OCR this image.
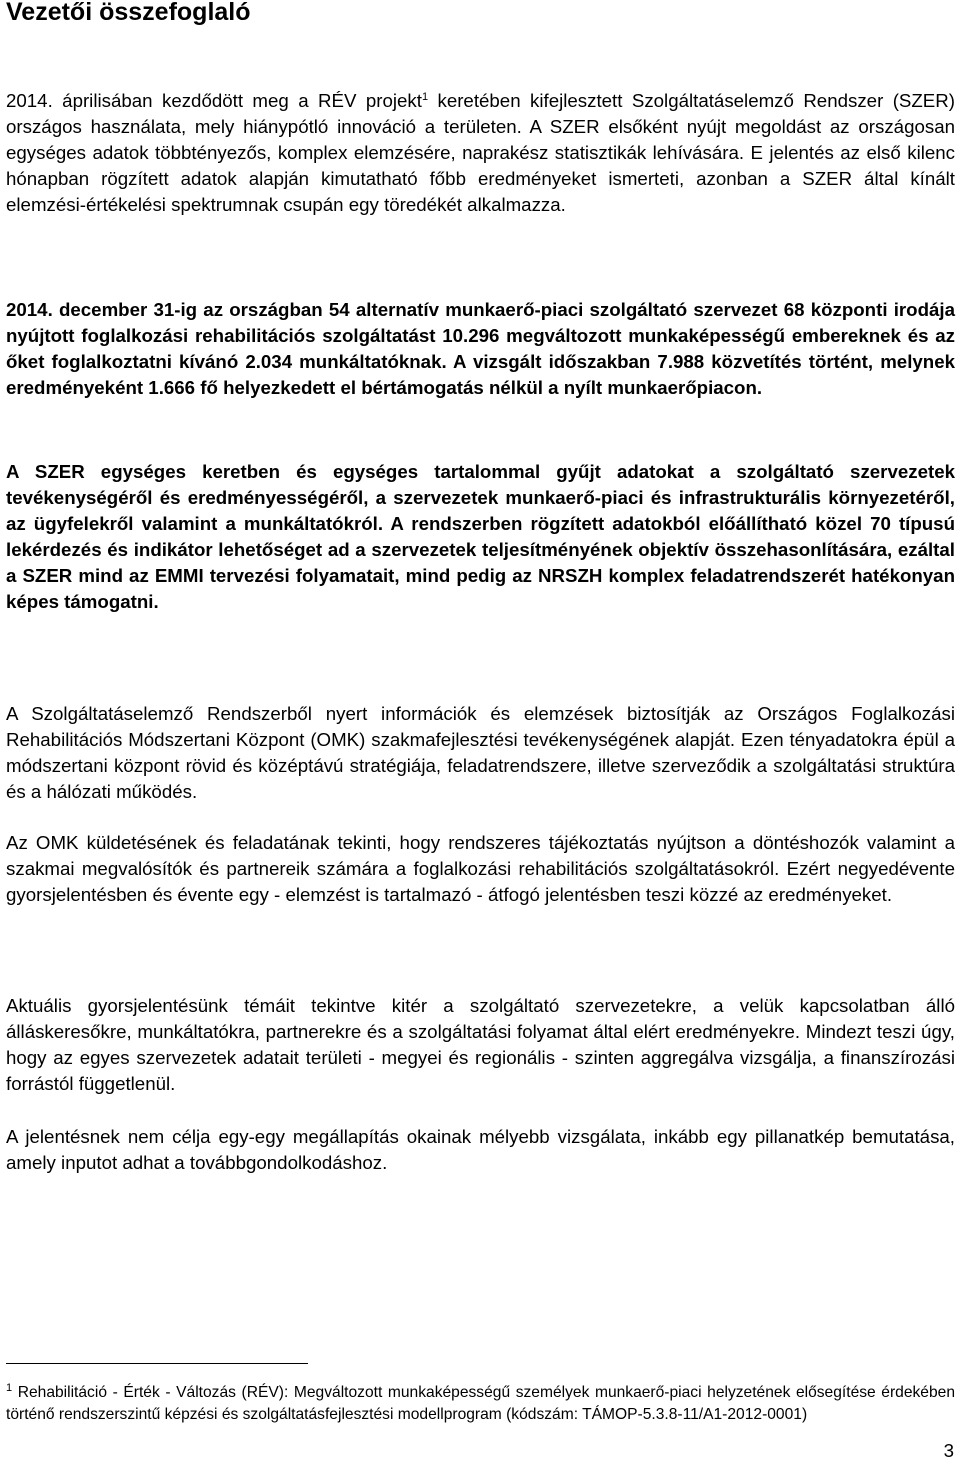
Vezetői összefoglaló

2014. áprilisában kezdődött meg a RÉV projekt$^1$ keretében kifejlesztett Szolgáltatáselemző Rendszer (SZER) országos használata, mely hiánypótló innováció a területen. A SZER elsőként nyújt megoldást az országosan egységes adatok többtényezős, komplex elemzésére, naprakész statisztikák lehívására. E jelentés az első kilenc hónapban rögzített adatok alapján kimutatható főbb eredményeket ismerteti, azonban a SZER által kínált elemzési-értékelési spektrumnak csupán egy töredékét alkalmazza.

2014. december 31-ig az országban 54 alternatív munkaerő-piaci szolgáltató szervezet 68 központi irodája nyújtott foglalkozási rehabilitációs szolgáltatást 10.296 megváltozott munkaképességű embereknek és az őket foglalkoztatni kívánó 2.034 munkáltatóknak. A vizsgált időszakban 7.988 közvetítés történt, melynek eredményeként 1.666 fő helyezkedett el bértámogatás nélkül a nyílt munkaerőpiacon.

A SZER egységes keretben és egységes tartalommal gyűjt adatokat a szolgáltató szervezetek tevékenységéről és eredményességéről, a szervezetek munkaerő-piaci és infrastrukturális környezetéről, az ügyfelekről valamint a munkáltatókról. A rendszerben rögzített adatokból előállítható közel 70 típusú lekérdezés és indikátor lehetőséget ad a szervezetek teljesítményének objektív összehasonlítására, ezáltal a SZER mind az EMMI tervezési folyamatait, mind pedig az NRSZH komplex feladatrendszerét hatékonyan képes támogatni.

A Szolgáltatáselemző Rendszerből nyert információk és elemzések biztosítják az Országos Foglalkozási Rehabilitációs Módszertani Központ (OMK) szakmafejlesztési tevékenységének alapját. Ezen tényadatokra épül a módszertani központ rövid és középtávú stratégiája, feladatrendszere, illetve szerveződik a szolgáltatási struktúra és a hálózati működés.

Az OMK küldetésének és feladatának tekinti, hogy rendszeres tájékoztatás nyújtson a döntéshozók valamint a szakmai megvalósítók és partnereik számára a foglalkozási rehabilitációs szolgáltatásokról. Ezért negyedévente gyorsjelentésben és évente egy - elemzést is tartalmazó - átfogó jelentésben teszi közzé az eredményeket.

Aktuális gyorsjelentésünk témáit tekintve kitér a szolgáltató szervezetekre, a velük kapcsolatban álló álláskeresőkre, munkáltatókra, partnerekre és a szolgáltatási folyamat által elért eredményekre. Mindezt teszi úgy, hogy az egyes szervezetek adatait területi - megyei és regionális - szinten aggregálva vizsgálja, a finanszírozási forrástól függetlenül.

A jelentésnek nem célja egy-egy megállapítás okainak mélyebb vizsgálata, inkább egy pillanatkép bemutatása, amely inputot adhat a továbbgondolkodáshoz.

$^1$ Rehabilitáció - Érték - Változás (RÉV): Megváltozott munkaképességű személyek munkaerő-piaci helyzetének elősegítése érdekében történő rendszerszintű képzési és szolgáltatásfejlesztési modellprogram (kódszám: TÁMOP-5.3.8-11/A1-2012-0001)

3
